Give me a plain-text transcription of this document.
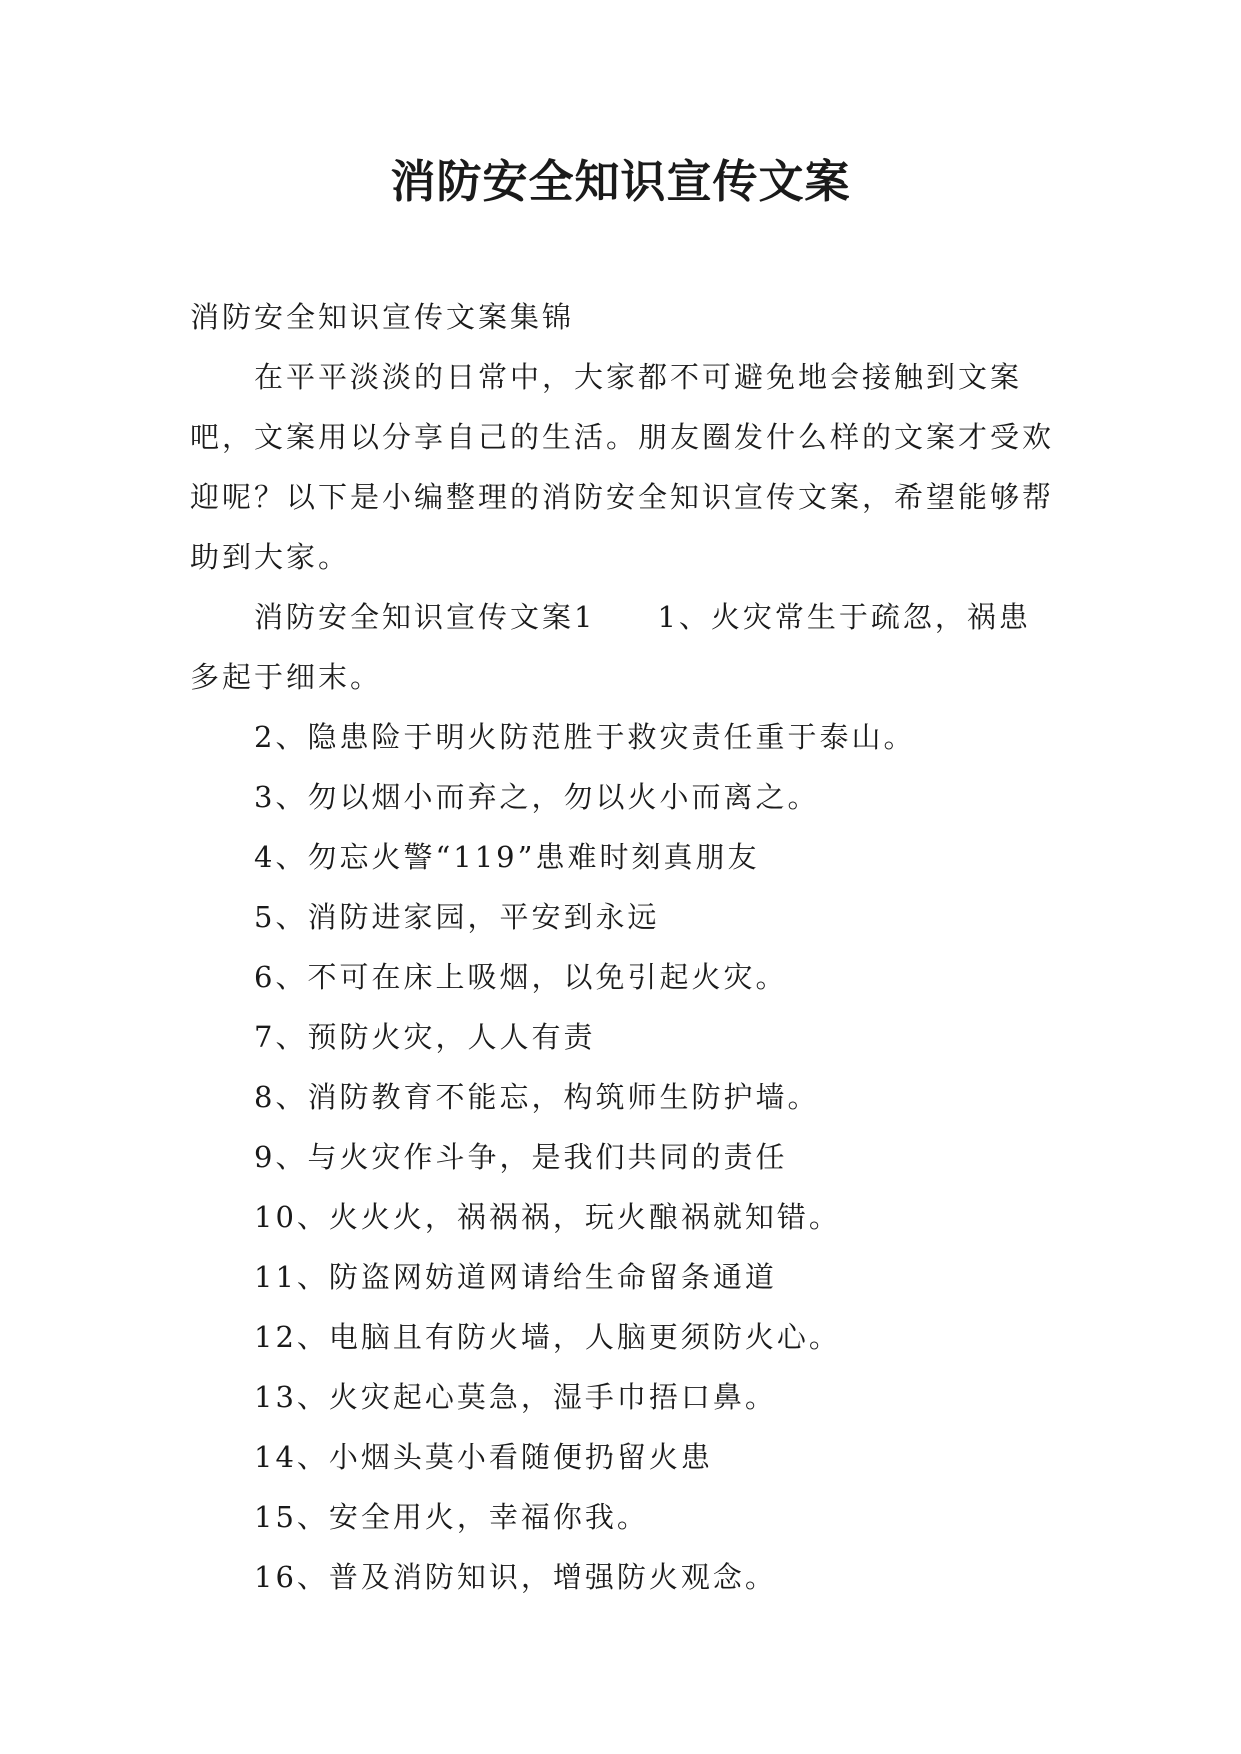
消防安全知识宣传文案

消防安全知识宣传文案集锦

在平平淡淡的日常中，大家都不可避免地会接触到文案吧，文案用以分享自己的生活。朋友圈发什么样的文案才受欢迎呢？以下是小编整理的消防安全知识宣传文案，希望能够帮助到大家。

消防安全知识宣传文案1 1、火灾常生于疏忽，祸患多起于细末。

2、隐患险于明火防范胜于救灾责任重于泰山。

3、勿以烟小而弃之，勿以火小而离之。

4、勿忘火警“119”患难时刻真朋友

5、消防进家园，平安到永远

6、不可在床上吸烟，以免引起火灾。

7、预防火灾，人人有责

8、消防教育不能忘，构筑师生防护墙。

9、与火灾作斗争，是我们共同的责任

10、火火火，祸祸祸，玩火酿祸就知错。

11、防盗网妨道网请给生命留条通道

12、电脑且有防火墙，人脑更须防火心。

13、火灾起心莫急，湿手巾捂口鼻。

14、小烟头莫小看随便扔留火患

15、安全用火，幸福你我。

16、普及消防知识，增强防火观念。
